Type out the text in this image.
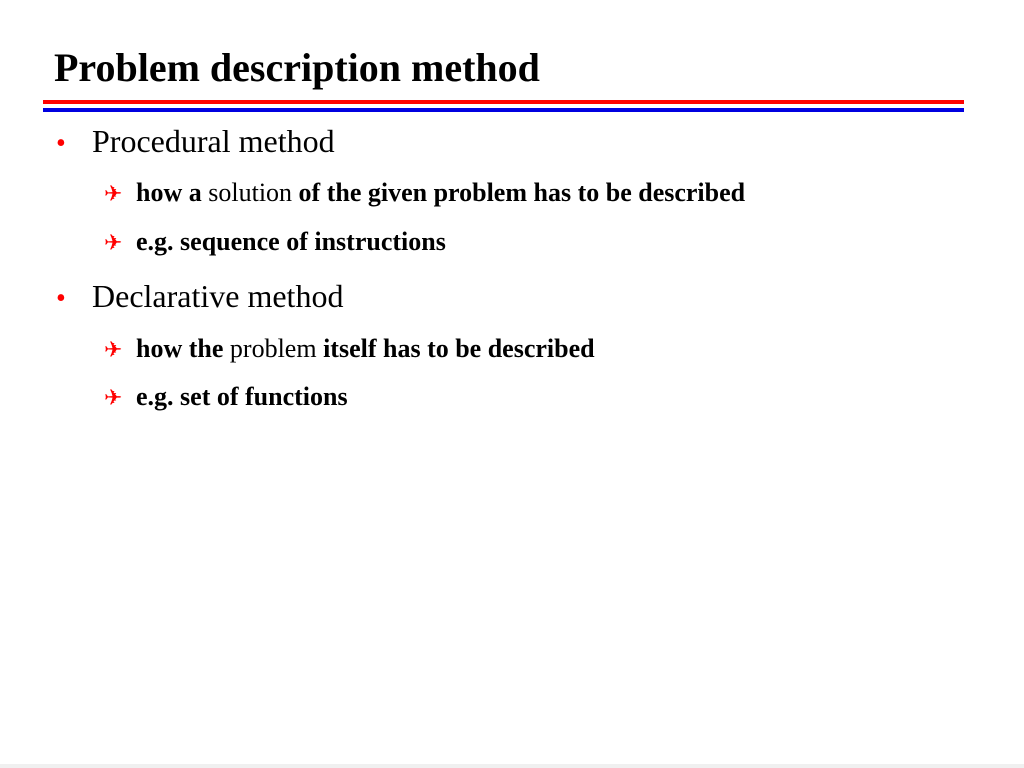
Problem description method
• Procedural method
✈ how a solution of the given problem has to be described
✈ e.g. sequence of instructions
• Declarative method
✈ how the problem itself has to be described
✈ e.g. set of functions
